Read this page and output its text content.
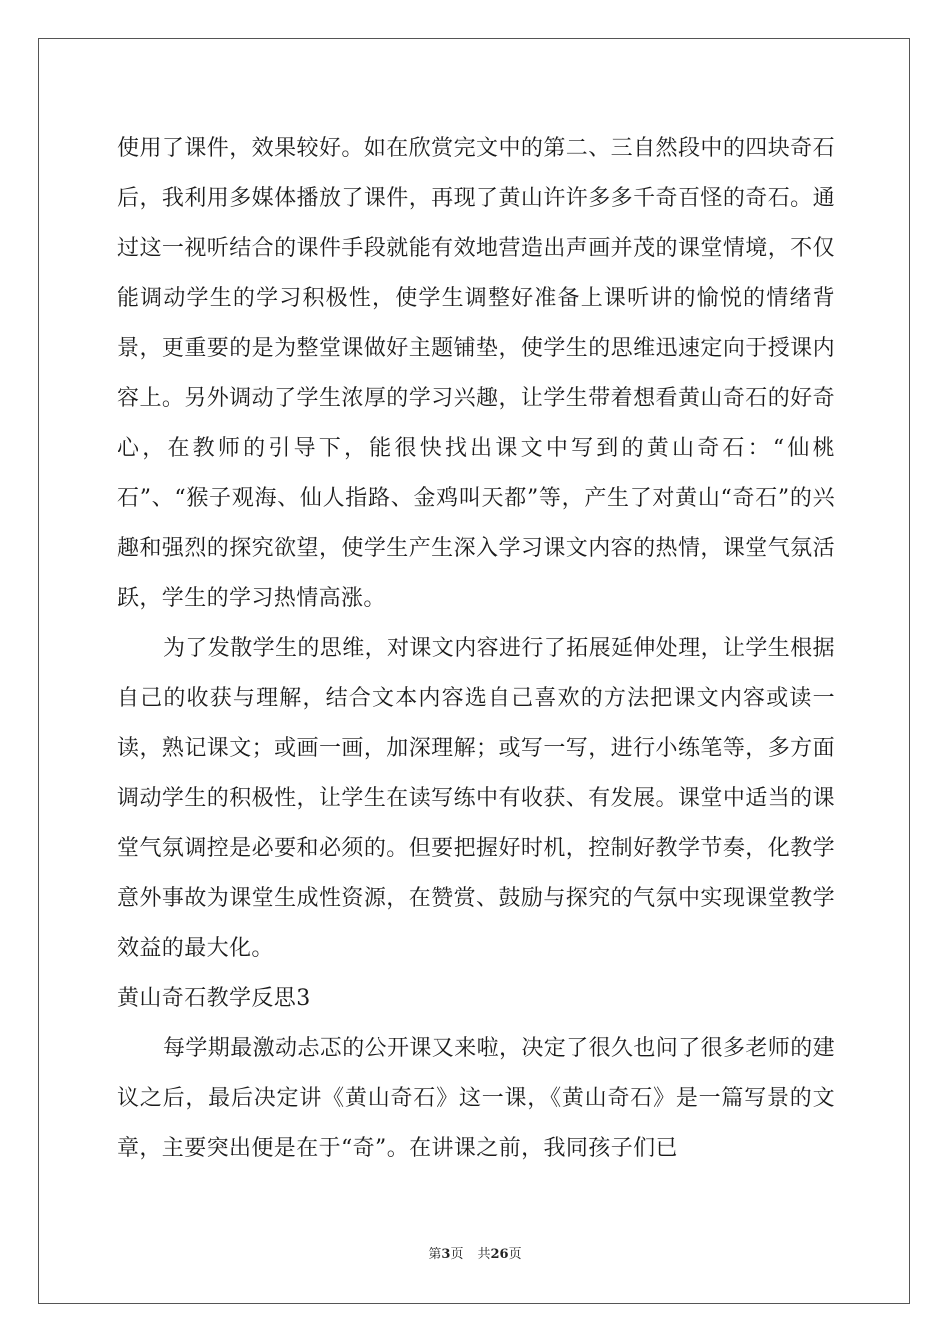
使用了课件，效果较好。如在欣赏完文中的第二、三自然段中的四块奇石后，我利用多媒体播放了课件，再现了黄山许许多多千奇百怪的奇石。通过这一视听结合的课件手段就能有效地营造出声画并茂的课堂情境，不仅能调动学生的学习积极性，使学生调整好准备上课听讲的愉悦的情绪背景，更重要的是为整堂课做好主题铺垫，使学生的思维迅速定向于授课内容上。另外调动了学生浓厚的学习兴趣，让学生带着想看黄山奇石的好奇心，在教师的引导下，能很快找出课文中写到的黄山奇石：“仙桃石”、“猴子观海、仙人指路、金鸡叫天都”等，产生了对黄山“奇石”的兴趣和强烈的探究欲望，使学生产生深入学习课文内容的热情，课堂气氛活跃，学生的学习热情高涨。

为了发散学生的思维，对课文内容进行了拓展延伸处理，让学生根据自己的收获与理解，结合文本内容选自己喜欢的方法把课文内容或读一读，熟记课文；或画一画，加深理解；或写一写，进行小练笔等，多方面调动学生的积极性，让学生在读写练中有收获、有发展。课堂中适当的课堂气氛调控是必要和必须的。但要把握好时机，控制好教学节奏，化教学意外事故为课堂生成性资源，在赞赏、鼓励与探究的气氛中实现课堂教学效益的最大化。

黄山奇石教学反思3

每学期最激动忐忑的公开课又来啦，决定了很久也问了很多老师的建议之后，最后决定讲《黄山奇石》这一课，《黄山奇石》是一篇写景的文章，主要突出便是在于“奇”。在讲课之前，我同孩子们已

第3页 共26页
